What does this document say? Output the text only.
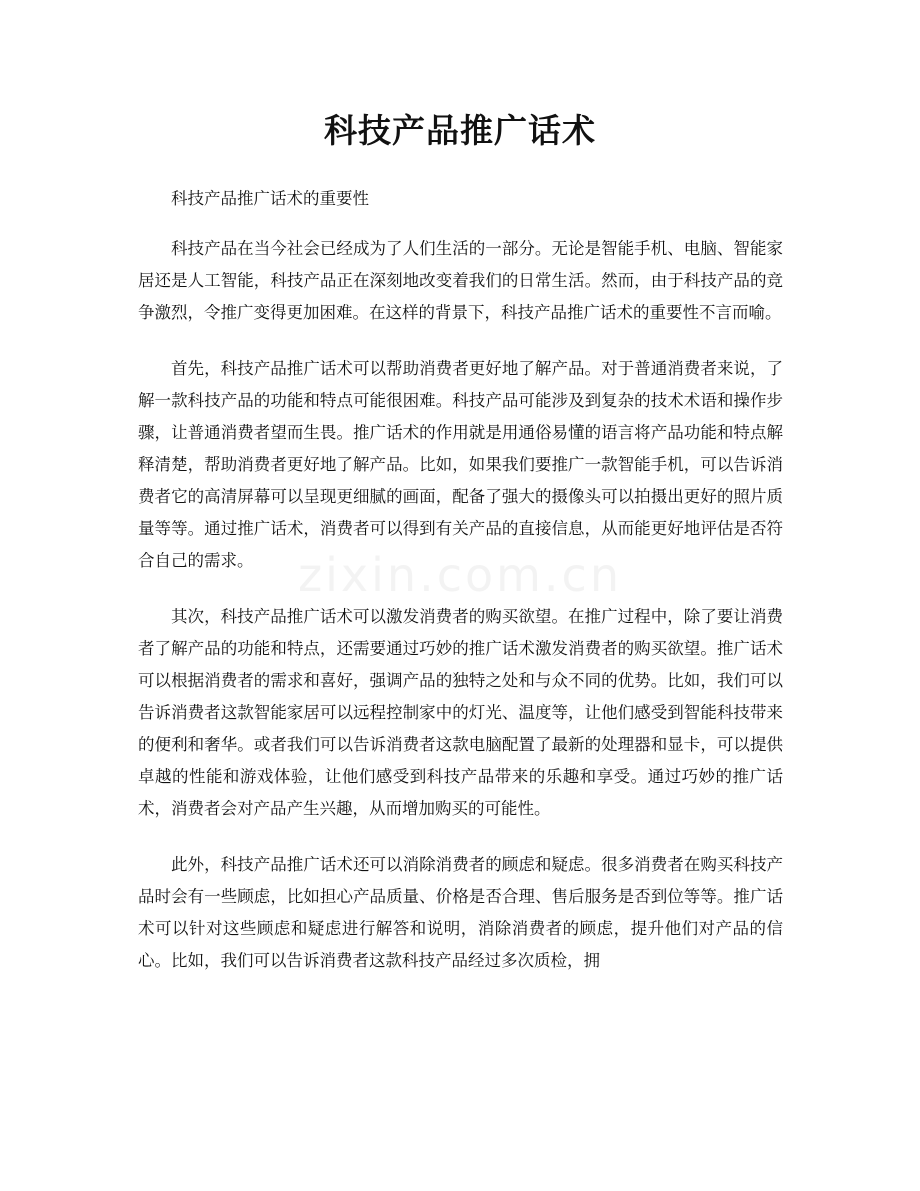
科技产品推广话术
zixin.com.cn

科技产品推广话术的重要性

科技产品在当今社会已经成为了人们生活的一部分。无论是智能手机、电脑、智能家居还是人工智能，科技产品正在深刻地改变着我们的日常生活。然而，由于科技产品的竞争激烈，令推广变得更加困难。在这样的背景下，科技产品推广话术的重要性不言而喻。

首先，科技产品推广话术可以帮助消费者更好地了解产品。对于普通消费者来说，了解一款科技产品的功能和特点可能很困难。科技产品可能涉及到复杂的技术术语和操作步骤，让普通消费者望而生畏。推广话术的作用就是用通俗易懂的语言将产品功能和特点解释清楚，帮助消费者更好地了解产品。比如，如果我们要推广一款智能手机，可以告诉消费者它的高清屏幕可以呈现更细腻的画面，配备了强大的摄像头可以拍摄出更好的照片质量等等。通过推广话术，消费者可以得到有关产品的直接信息，从而能更好地评估是否符合自己的需求。

其次，科技产品推广话术可以激发消费者的购买欲望。在推广过程中，除了要让消费者了解产品的功能和特点，还需要通过巧妙的推广话术激发消费者的购买欲望。推广话术可以根据消费者的需求和喜好，强调产品的独特之处和与众不同的优势。比如，我们可以告诉消费者这款智能家居可以远程控制家中的灯光、温度等，让他们感受到智能科技带来的便利和奢华。或者我们可以告诉消费者这款电脑配置了最新的处理器和显卡，可以提供卓越的性能和游戏体验，让他们感受到科技产品带来的乐趣和享受。通过巧妙的推广话术，消费者会对产品产生兴趣，从而增加购买的可能性。

此外，科技产品推广话术还可以消除消费者的顾虑和疑虑。很多消费者在购买科技产品时会有一些顾虑，比如担心产品质量、价格是否合理、售后服务是否到位等等。推广话术可以针对这些顾虑和疑虑进行解答和说明，消除消费者的顾虑，提升他们对产品的信心。比如，我们可以告诉消费者这款科技产品经过多次质检，拥
